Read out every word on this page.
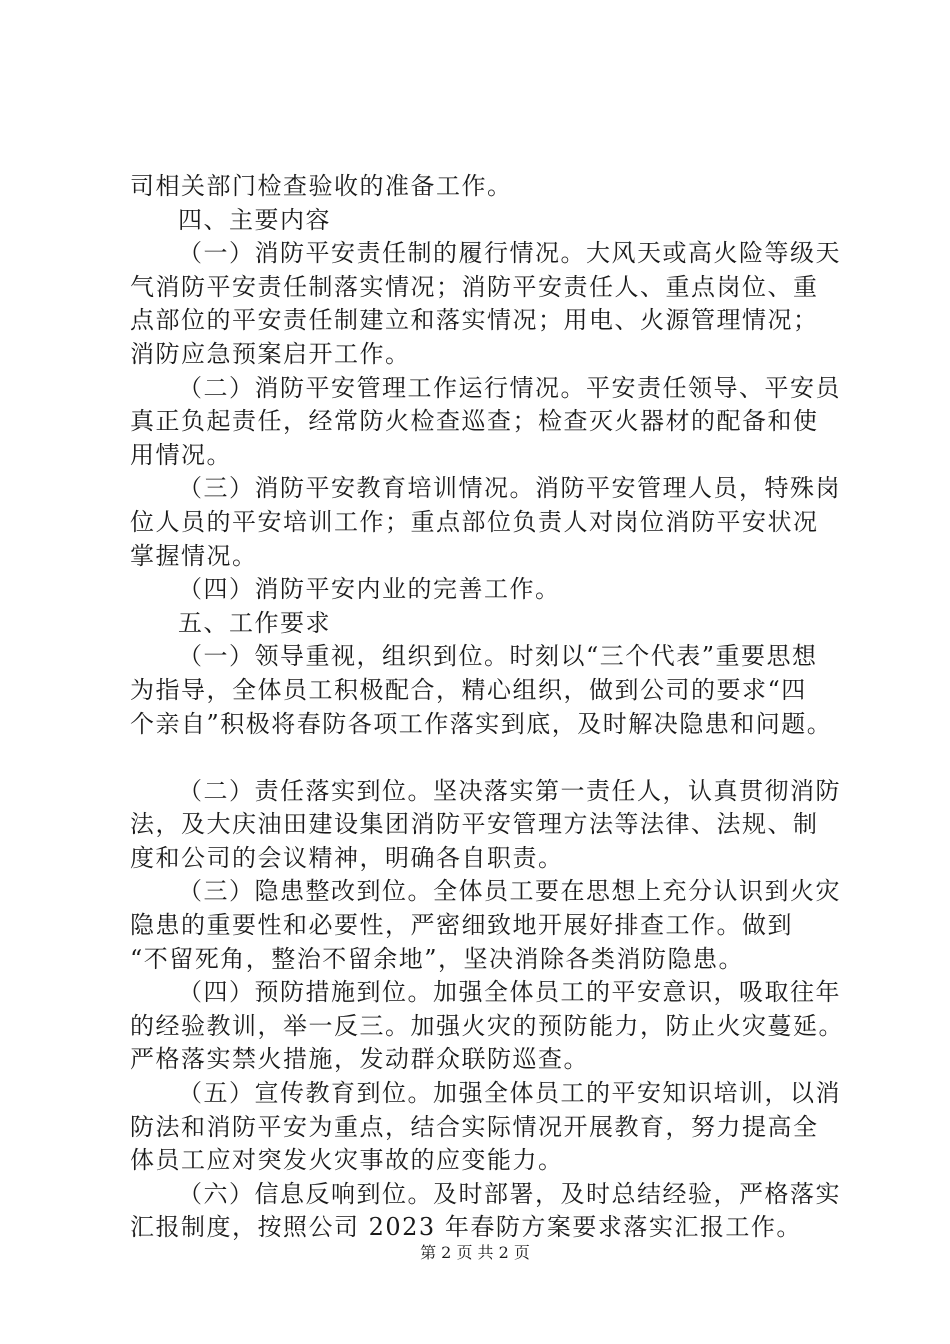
司相关部门检查验收的准备工作。
四、主要内容
（一）消防平安责任制的履行情况。大风天或高火险等级天
气消防平安责任制落实情况；消防平安责任人、重点岗位、重
点部位的平安责任制建立和落实情况；用电、火源管理情况；
消防应急预案启开工作。
（二）消防平安管理工作运行情况。平安责任领导、平安员
真正负起责任，经常防火检查巡查；检查灭火器材的配备和使
用情况。
（三）消防平安教育培训情况。消防平安管理人员，特殊岗
位人员的平安培训工作；重点部位负责人对岗位消防平安状况
掌握情况。
（四）消防平安内业的完善工作。
五、工作要求
（一）领导重视，组织到位。时刻以“三个代表”重要思想
为指导，全体员工积极配合，精心组织，做到公司的要求“四
个亲自”积极将春防各项工作落实到底，及时解决隐患和问题。
（二）责任落实到位。坚决落实第一责任人，认真贯彻消防
法，及大庆油田建设集团消防平安管理方法等法律、法规、制
度和公司的会议精神，明确各自职责。
（三）隐患整改到位。全体员工要在思想上充分认识到火灾
隐患的重要性和必要性，严密细致地开展好排查工作。做到
“不留死角，整治不留余地”，坚决消除各类消防隐患。
（四）预防措施到位。加强全体员工的平安意识，吸取往年
的经验教训，举一反三。加强火灾的预防能力，防止火灾蔓延。
严格落实禁火措施，发动群众联防巡查。
（五）宣传教育到位。加强全体员工的平安知识培训，以消
防法和消防平安为重点，结合实际情况开展教育，努力提高全
体员工应对突发火灾事故的应变能力。
（六）信息反响到位。及时部署，及时总结经验，严格落实
汇报制度，按照公司 2023 年春防方案要求落实汇报工作。
第 2 页 共 2 页
